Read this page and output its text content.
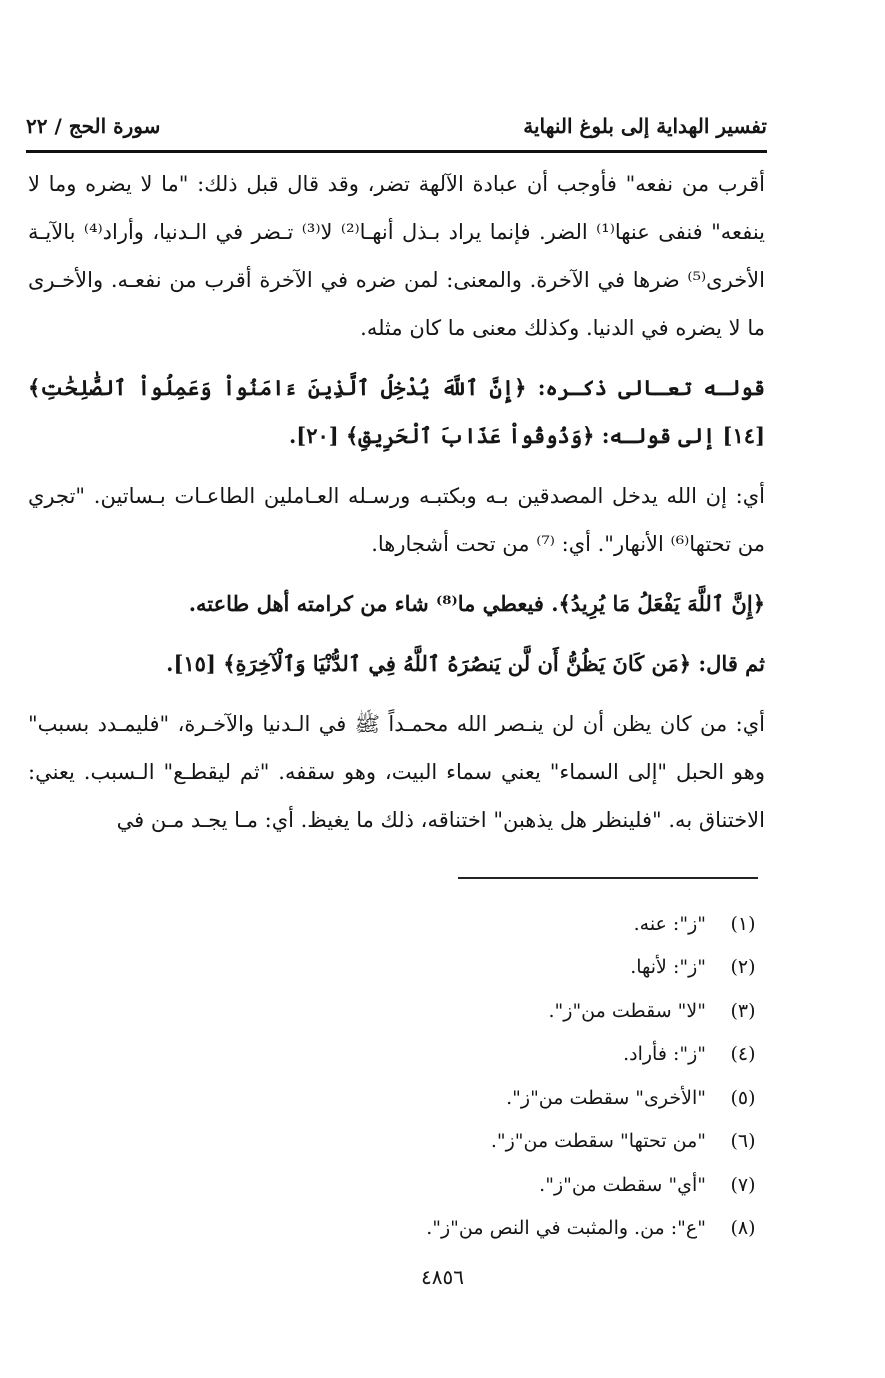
تفسير الهداية إلى بلوغ النهاية
سورة الحج / ٢٢

أقرب من نفعه" فأوجب أن عبادة الآلهة تضر، وقد قال قبل ذلك: "ما لا يضره وما لا ينفعه" فنفى عنها⁽¹⁾ الضر. فإنما يراد بـذل أنهـا⁽²⁾ لا⁽³⁾ تـضر في الـدنيا، وأراد⁽⁴⁾ بالآيـة الأخرى⁽⁵⁾ ضرها في الآخرة. والمعنى: لمن ضره في الآخرة أقرب من نفعـه. والأخـرى ما لا يضره في الدنيا. وكذلك معنى ما كان مثله.

قولـه تعـالى ذكـره: ﴿إِنَّ ٱللَّهَ يُدْخِلُ ٱلَّذِينَ ءَامَنُواْ وَعَمِلُواْ ٱلصَّٰلِحَٰتِ﴾ [١٤] إلى قولـه: ﴿وَذُوقُواْ عَذَابَ ٱلْحَرِيقِ﴾ [٢٠].

أي: إن الله يدخل المصدقين بـه وبكتبـه ورسـله العـاملين الطاعـات بـساتين. "تجري من تحتها⁽⁶⁾ الأنهار". أي: ⁽⁷⁾ من تحت أشجارها.

﴿إِنَّ ٱللَّهَ يَفْعَلُ مَا يُرِيدُ﴾. فيعطي ما⁽⁸⁾ شاء من كرامته أهل طاعته.

ثم قال: ﴿مَن كَانَ يَظُنُّ أَن لَّن يَنصُرَهُ ٱللَّهُ فِي ٱلدُّنْيَا وَٱلْآخِرَةِ﴾ [١٥].

أي: من كان يظن أن لن ينـصر الله محمـداً ﷺ في الـدنيا والآخـرة، "فليمـدد بسبب" وهو الحبل "إلى السماء" يعني سماء البيت، وهو سقفه. "ثم ليقطـع" الـسبب. يعني: الاختناق به. "فلينظر هل يذهبن" اختناقه، ذلك ما يغيظ. أي: مـا يجـد مـن في

(١)
"ز": عنه.
(٢)
"ز": لأنها.
(٣)
"لا" سقطت من"ز".
(٤)
"ز": فأراد.
(٥)
"الأخرى" سقطت من"ز".
(٦)
"من تحتها" سقطت من"ز".
(٧)
"أي" سقطت من"ز".
(٨)
"ع": من. والمثبت في النص من"ز".
٤٨٥٦
